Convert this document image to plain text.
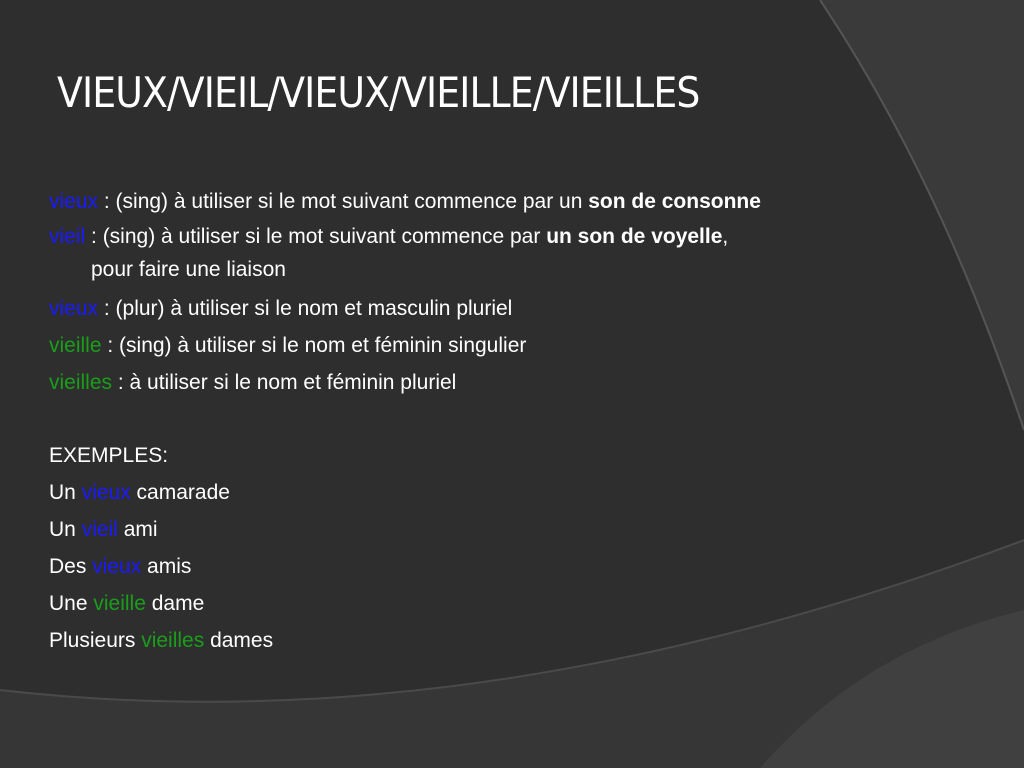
VIEUX/VIEIL/VIEUX/VIEILLE/VIEILLES
vieux : (sing) à utiliser si le mot suivant commence par un son de consonne
vieil : (sing) à utiliser si le mot suivant commence par un son de voyelle,
pour faire une liaison
vieux : (plur) à utiliser si le nom et masculin pluriel
vieille : (sing) à utiliser si le nom et féminin singulier
vieilles : à utiliser si le nom et féminin pluriel
EXEMPLES:
Un vieux camarade
Un vieil ami
Des vieux amis
Une vieille dame
Plusieurs vieilles dames
